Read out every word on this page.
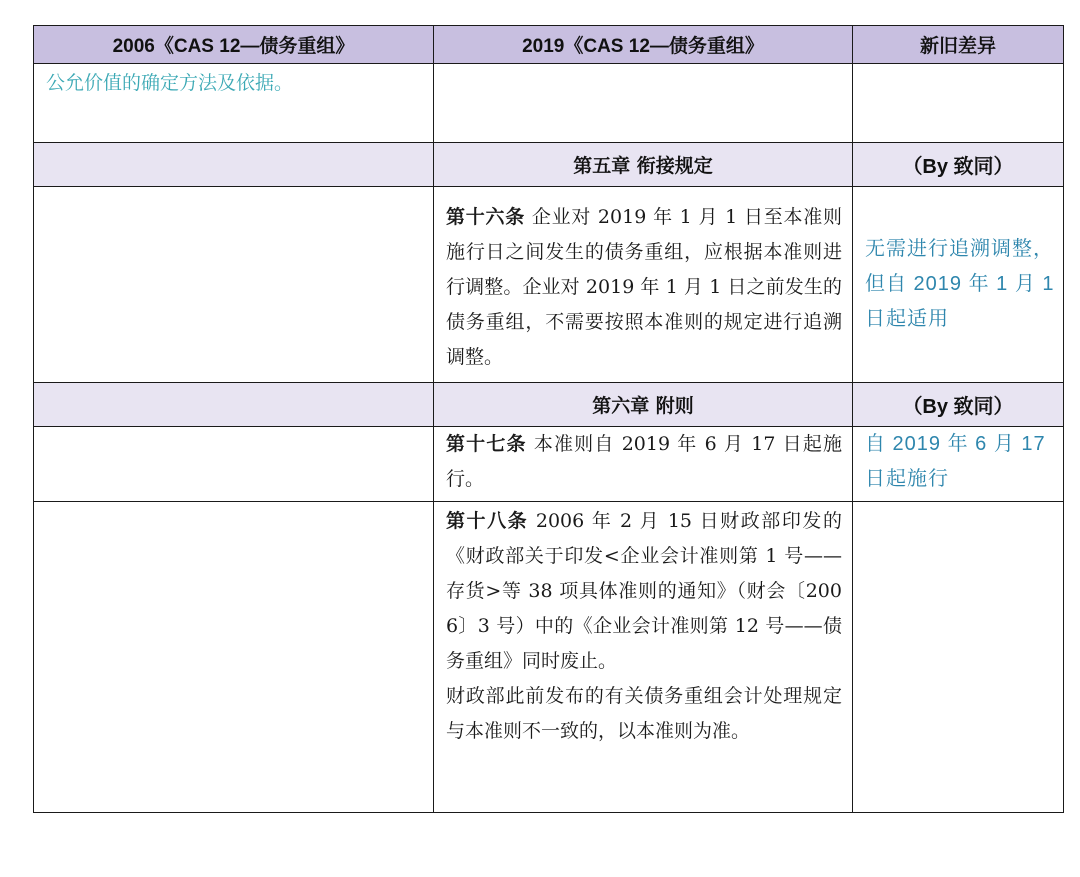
2006《CAS 12—债务重组》	2019《CAS 12—债务重组》	新旧差异

公允价值的确定方法及依据。		

	第五章 衔接规定	（By 致同）

	第十六条 企业对 2019 年 1 月 1 日至本准则施行日之间发生的债务重组，应根据本准则进行调整。企业对 2019 年 1 月 1 日之前发生的债务重组，不需要按照本准则的规定进行追溯调整。	无需进行追溯调整，但自 2019 年 1 月 1 日起适用

	第六章 附则	（By 致同）

	第十七条 本准则自 2019 年 6 月 17 日起施行。	自 2019 年 6 月 17 日起施行

	第十八条 2006 年 2 月 15 日财政部印发的《财政部关于印发<企业会计准则第 1 号——存货>等 38 项具体准则的通知》（财会〔2006〕3 号）中的《企业会计准则第 12 号——债务重组》同时废止。
财政部此前发布的有关债务重组会计处理规定与本准则不一致的，以本准则为准。	
